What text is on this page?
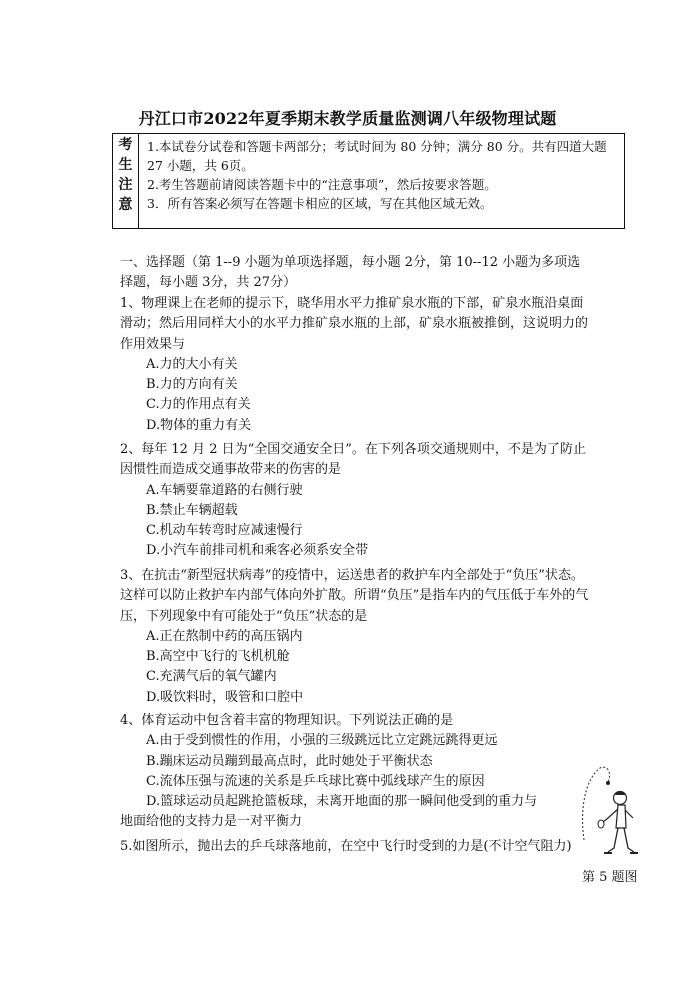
丹江口市2022年夏季期末教学质量监测调八年级物理试题
考
生
注
意
1.本试卷分试卷和答题卡两部分；考试时间为 80 分钟；满分 80 分。共有四道大题 27 小题，共 6页。
2.考生答题前请阅读答题卡中的“注意事项”，然后按要求答题。
3．所有答案必须写在答题卡相应的区域，写在其他区域无效。
一、选择题（第 1--9 小题为单项选择题，每小题 2分，第 10--12 小题为多项选择题，每小题 3分，共 27分）
1、物理课上在老师的提示下，晓华用水平力推矿泉水瓶的下部，矿泉水瓶沿桌面滑动；然后用同样大小的水平力推矿泉水瓶的上部，矿泉水瓶被推倒，这说明力的作用效果与
A.力的大小有关
B.力的方向有关
C.力的作用点有关
D.物体的重力有关
2、每年 12 月 2 日为“全国交通安全日”。在下列各项交通规则中，不是为了防止因惯性而造成交通事故带来的伤害的是
A.车辆要靠道路的右侧行驶
B.禁止车辆超载
C.机动车转弯时应减速慢行
D.小汽车前排司机和乘客必须系安全带
3、在抗击“新型冠状病毒”的疫情中，运送患者的救护车内全部处于“负压”状态。这样可以防止救护车内部气体向外扩散。所谓“负压”是指车内的气压低于车外的气压，下列现象中有可能处于“负压”状态的是
A.正在熬制中药的高压锅内
B.高空中飞行的飞机机舱
C.充满气后的氧气罐内
D.吸饮料时，吸管和口腔中
4、体育运动中包含着丰富的物理知识。下列说法正确的是
A.由于受到惯性的作用，小强的三级跳远比立定跳远跳得更远
B.蹦床运动员蹦到最高点时，此时她处于平衡状态
C.流体压强与流速的关系是乒乓球比赛中弧线球产生的原因
D.篮球运动员起跳抢篮板球，未离开地面的那一瞬间他受到的重力与
地面给他的支持力是一对平衡力
5.如图所示，抛出去的乒乓球落地前，在空中飞行时受到的力是(不计空气阻力)
第 5 题图
